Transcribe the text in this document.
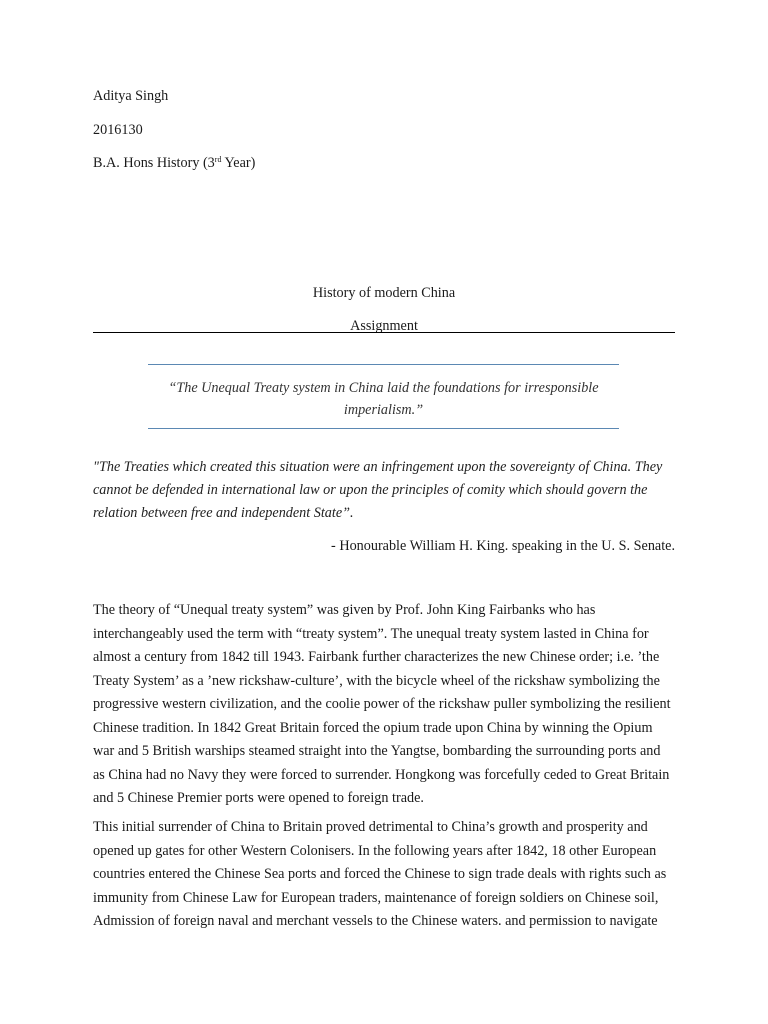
Aditya Singh
2016130
B.A. Hons History (3rd Year)
History of modern China
Assignment
“The Unequal Treaty system in China laid the foundations for irresponsible
imperialism.”
"The Treaties which created this situation were an infringement upon the sovereignty of China. They
cannot be defended in international law or upon the principles of comity which should govern the
relation between free and independent State”.
- Honourable William H. King. speaking in the U. S. Senate.
The theory of “Unequal treaty system” was given by Prof. John King Fairbanks who has
interchangeably used the term with “treaty system”. The unequal treaty system lasted in China for
almost a century from 1842 till 1943. Fairbank further characterizes the new Chinese order; i.e. ’the
Treaty System’ as a ’new rickshaw-culture’, with the bicycle wheel of the rickshaw symbolizing the
progressive western civilization, and the coolie power of the rickshaw puller symbolizing the resilient
Chinese tradition. In 1842 Great Britain forced the opium trade upon China by winning the Opium
war and 5 British warships steamed straight into the Yangtse, bombarding the surrounding ports and
as China had no Navy they were forced to surrender. Hongkong was forcefully ceded to Great Britain
and 5 Chinese Premier ports were opened to foreign trade.
This initial surrender of China to Britain proved detrimental to China’s growth and prosperity and
opened up gates for other Western Colonisers. In the following years after 1842, 18 other European
countries entered the Chinese Sea ports and forced the Chinese to sign trade deals with rights such as
immunity from Chinese Law for European traders, maintenance of foreign soldiers on Chinese soil,
Admission of foreign naval and merchant vessels to the Chinese waters. and permission to navigate
